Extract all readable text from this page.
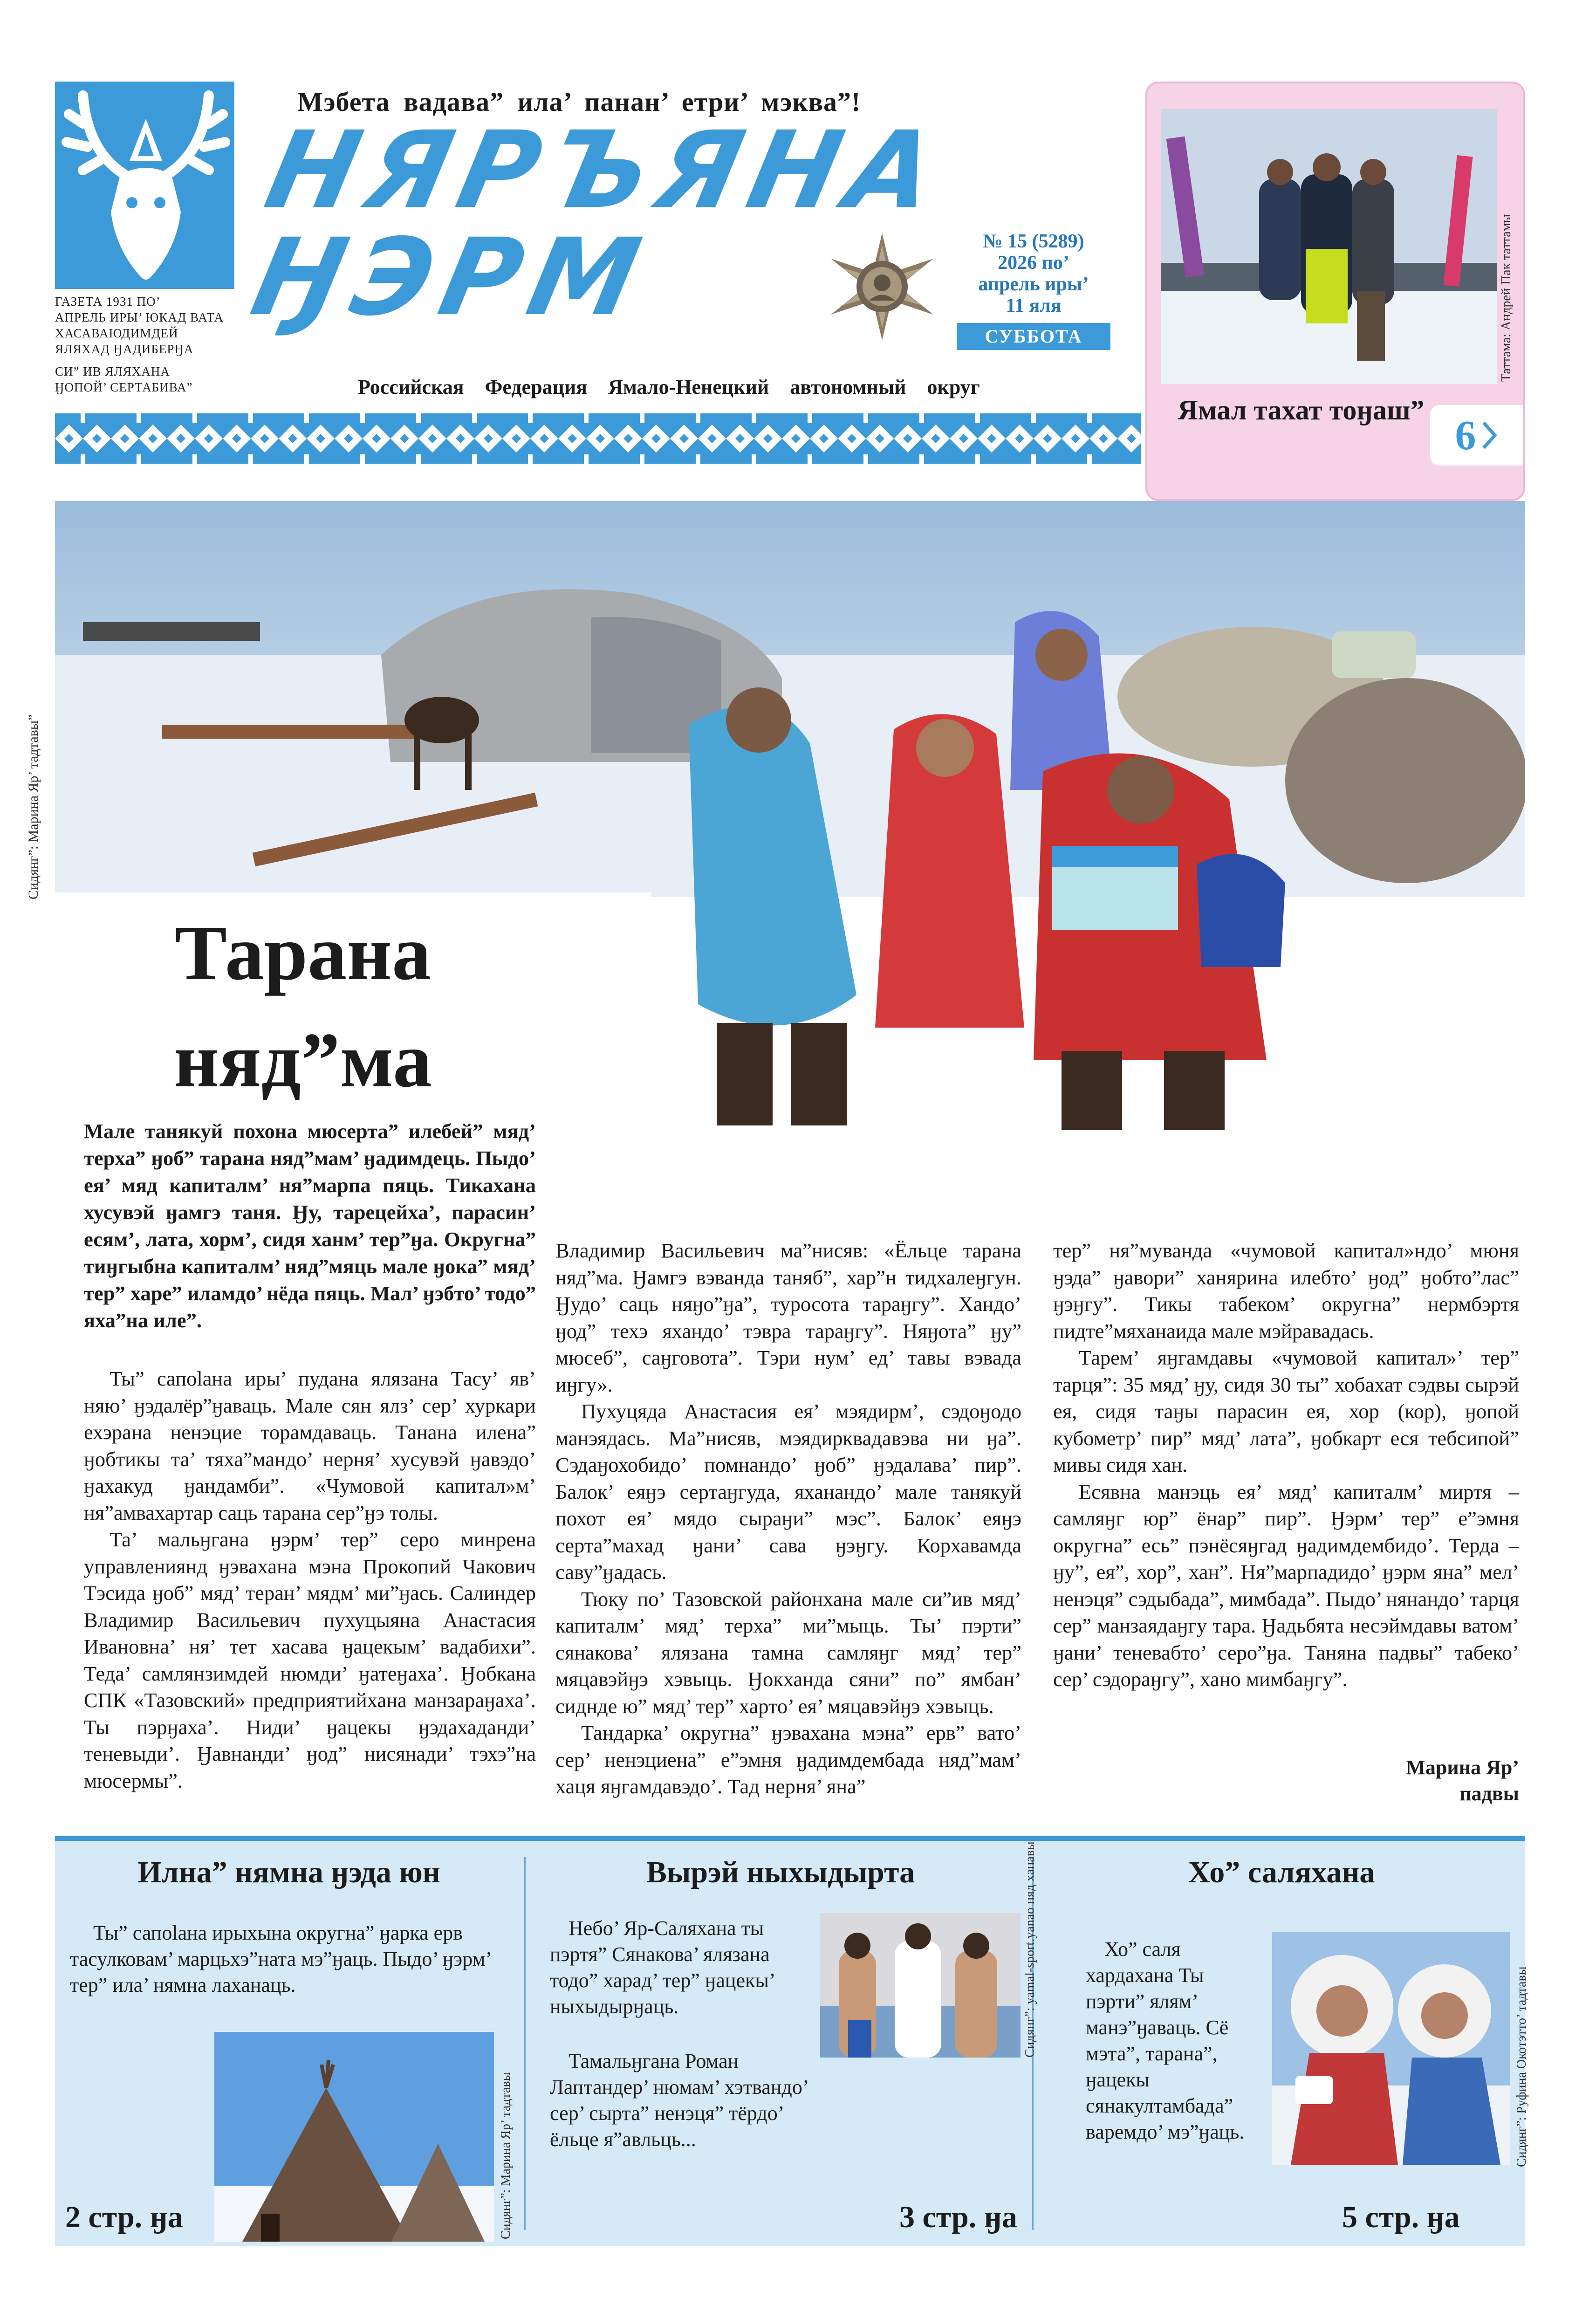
ГАЗЕТА 1931 ПО’
АПРЕЛЬ ИРЫ’ ЮКАД ВАТА
ХАСАВАЮДИМДЕЙ
ЯЛЯХАД ӇАДИБЕРӇА
СИ” ИВ ЯЛЯХАНА
ӇОПОЙ’ СЕРТАБИВА”
Мэбета вадава” ила’ панан’ етри’ мэква”!
НЯРЪЯНА
ӇЭРМ	№ 15 (5289)
2026 по’
апрель иры’
11 яля
СУББОТА
Российская Федерация Ямало-Ненецкий автономный округ
Таттама: Андрей Пак таттамы
Ямал тахат тоӈаш”
6
Сидянг”: Марина Яр’ тадтавы”
Тарана няд”ма
Мале танякуй похона мюсерта” илебей” мяд’ терха” ӈоб” тарана няд”мам’ ӈадимдець. Пыдо’ ея’ мяд капиталм’ ня”марпа пяць. Тикахана хусувэй ӈамгэ таня. Ӈу, тарецейха’, парасин’ есям’, лата, хорм’, сидя ханм’ тер”ӈа. Округна” тиӈгыбна капиталм’ няд”мяць мале ӈока” мяд’ тер” харе” иламдо’ нёда пяць. Мал’ ӈэбто’ тодо” яха”на иле”.

Ты” сапolана иры’ пудана ялязана Тасу’ яв’ няю’ ӈэдалёр”ӈаваць. Мале сян ялз’ сер’ хуркари ехэрана ненэцие торамдаваць. Танана илена” ӈобтикы та’ тяха”мандо’ нерня’ хусувэй ӈавэдо’ ӈахакуд ӈандамби”. «Чумовой капитал»м’ ня”амвахартар саць тарана сер”ӈэ толы.

Та’ мальӈгана ӈэрм’ тер” серо минрена управлениянд ӈэвахана мэна Прокопий Чакович Тэсида ӈоб” мяд’ теран’ мядм’ ми”ӈась. Салиндер Владимир Васильевич пухуцыяна Анастасия Ивановна’ ня’ тет хасава ӈацекым’ вадабихи”. Теда’ самлянзимдей нюмди’ ӈатеӈаха’. Ӈобкана СПК «Тазовский» предприятийхана манзараӈаха’. Ты пэрӈаха’. Ниди’ ӈацекы ӈэдахаданди’ теневыди’. Ӈавнанди’ ӈод” нисянади’ тэхэ”на мюсермы”.

Владимир Васильевич ма”нисяв: «Ёльце тарана няд”ма. Ӈамгэ вэванда таняб”, хар”н тидхалеӈгун. Ӈудо’ саць няӈо”ӈа”, туросота тараӈгу”. Хандо’ ӈод” техэ яхандо’ тэвра тараӈгу”. Няӈота” ӈу” мюсеб”, саӈговота”. Тэри нум’ ед’ тавы вэвада иӈгу».

Пухуцяда Анастасия ея’ мэядирм’, сэдоӈодо манэядась. Ма”нисяв, мэядирквадавэва ни ӈа”. Сэдаӈохобидо’ помнандо’ ӈоб” ӈэдалава’ пир”. Балок’ еяӈэ сертаӈгуда, яханандо’ мале танякуй похот ея’ мядо сыраӈи” мэс”. Балок’ еяӈэ серта”махад ӈани’ сава ӈэӈгу. Корхавамда саву”ӈадась.

Тюку по’ Тазовской районхана мале си”ив мяд’ капиталм’ мяд’ терха” ми”мыць. Ты’ пэрти” сянакова’ ялязана тамна самляӈг мяд’ тер” мяцавэйӈэ хэвыць. Ӈокханда сяни” по” ямбан’ сиднде ю” мяд’ тер” харто’ ея’ мяцавэйӈэ хэвыць.

Тандарка’ округна” ӈэвахана мэна” ерв” вато’ сер’ ненэциена” е”эмня ӈадимдембада няд”мам’ хаця яӈгамдавэдо’. Тад нерня’ яна”

тер” ня”муванда «чумовой капитал»ндо’ мюня ӈэда” ӈавори” ханярина илебто’ ӈод” ӈобто”лас” ӈэӈгу”. Тикы табеком’ округна” нермбэртя пидте”мяханаида мале мэйравадась.

Тарем’ яӈгамдавы «чумовой капитал»’ тер” тарця”: 35 мяд’ ӈу, сидя 30 ты” хобахат сэдвы сырэй ея, сидя таӈы парасин ея, хор (кор), ӈопой кубометр’ пир” мяд’ лата”, ӈобкарт еся тебсипой” мивы сидя хан.

Есявна манэць ея’ мяд’ капиталм’ миртя – самляӈг юр” ёнар” пир”. Ӈэрм’ тер” е”эмня округна” есь” пэнёсяӈгад ӈадимдембидо’. Терда – ӈу”, ея”, хор”, хан”. Ня”марпадидо’ ӈэрм яна” мел’ ненэця” сэдыбада”, мимбада”. Пыдо’ нянандо’ тарця сер” манзаядаӈгу тара. Ӈадьбята несэймдавы ватом’ ӈани’ теневабто’ серо”ӈа. Таняна падвы” табеко’ сер’ сэдораӈгу”, хано мимбаӈгу”.

Марина Яр’
падвы
Илна” нямна ӈэда юн
Ты” сапolана ирыхына округна” ӈарка ерв тасулковам’ марцьхэ”ната мэ”ӈаць. Пыдо’ ӈэрм’ тер” ила’ нямна лаханаць.
Сидянг”: Марина Яр’ тадтавы
2 стр. ӈа
Вырэй ныхыдырта
Небо’ Яр-Саляхана ты пэртя” Сянакова’ ялязана тодо” харад’ тер” ӈацекы’ ныхыдырӈаць.
Тамальӈгана Роман Лаптандер’ нюмам’ хэтвандо’ сер’ сырта” ненэця” тёрдо’ ёльце я”авльць...
Сидянг”: yamal-sport.yanao няд ханавы
3 стр. ӈа
Хо” саляхана
Хо” саля хардахана Ты пэрти” ялям’ манэ”ӈаваць. Сё мэта”, тарана”, ӈацекы сянакултамбада” варемдо’ мэ”ӈаць.	Сидянг”: Руфина Окотэтто’ тадтавы
5 стр. ӈа
